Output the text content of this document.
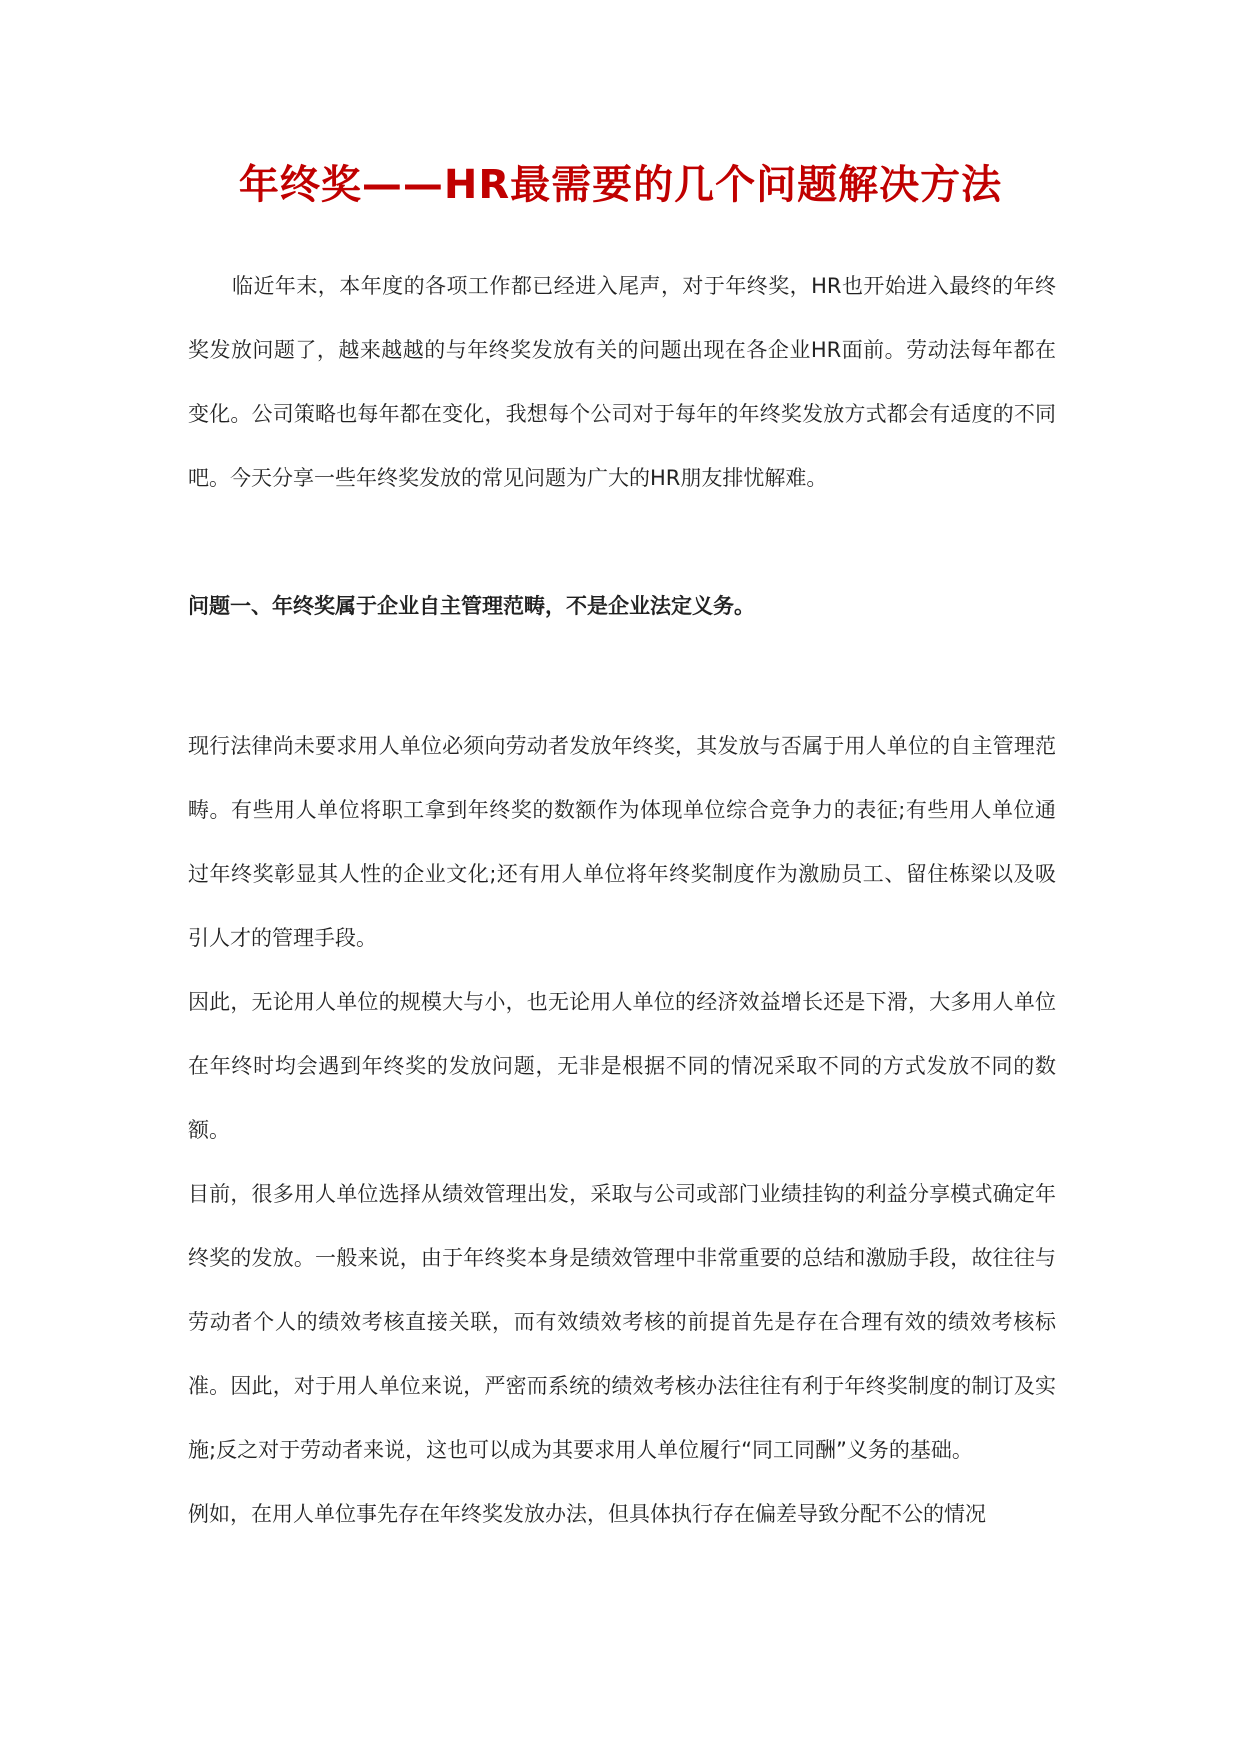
年终奖——HR最需要的几个问题解决方法

临近年末，本年度的各项工作都已经进入尾声，对于年终奖，HR也开始进入最终的年终奖发放问题了，越来越越的与年终奖发放有关的问题出现在各企业HR面前。劳动法每年都在变化。公司策略也每年都在变化，我想每个公司对于每年的年终奖发放方式都会有适度的不同吧。今天分享一些年终奖发放的常见问题为广大的HR朋友排忧解难。

问题一、年终奖属于企业自主管理范畴，不是企业法定义务。

现行法律尚未要求用人单位必须向劳动者发放年终奖，其发放与否属于用人单位的自主管理范畴。有些用人单位将职工拿到年终奖的数额作为体现单位综合竞争力的表征;有些用人单位通过年终奖彰显其人性的企业文化;还有用人单位将年终奖制度作为激励员工、留住栋梁以及吸引人才的管理手段。

因此，无论用人单位的规模大与小，也无论用人单位的经济效益增长还是下滑，大多用人单位在年终时均会遇到年终奖的发放问题，无非是根据不同的情况采取不同的方式发放不同的数额。

目前，很多用人单位选择从绩效管理出发，采取与公司或部门业绩挂钩的利益分享模式确定年终奖的发放。一般来说，由于年终奖本身是绩效管理中非常重要的总结和激励手段，故往往与劳动者个人的绩效考核直接关联，而有效绩效考核的前提首先是存在合理有效的绩效考核标准。因此，对于用人单位来说，严密而系统的绩效考核办法往往有利于年终奖制度的制订及实施;反之对于劳动者来说，这也可以成为其要求用人单位履行“同工同酬”义务的基础。

例如，在用人单位事先存在年终奖发放办法，但具体执行存在偏差导致分配不公的情况
